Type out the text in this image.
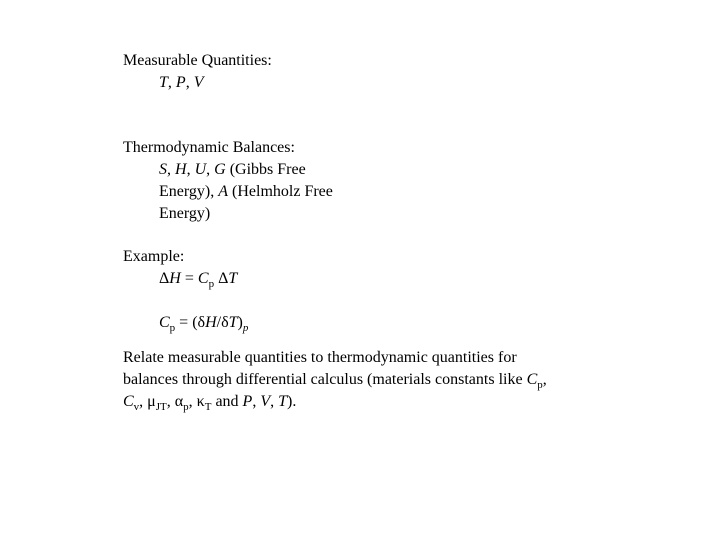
Measurable Quantities:
T, P, V
Thermodynamic Balances:
S, H, U, G (Gibbs Free
Energy), A (Helmholz Free
Energy)
Example:
$\Delta H = C_p$ ΔT
$C_p = (\delta H/\delta T)_p$
Relate measurable quantities to thermodynamic quantities for
balances through differential calculus (materials constants like $C_p$,
$C_v$, $\mu_{JT}$, $\alpha_p$, $\kappa_T$ and P, V, T).
